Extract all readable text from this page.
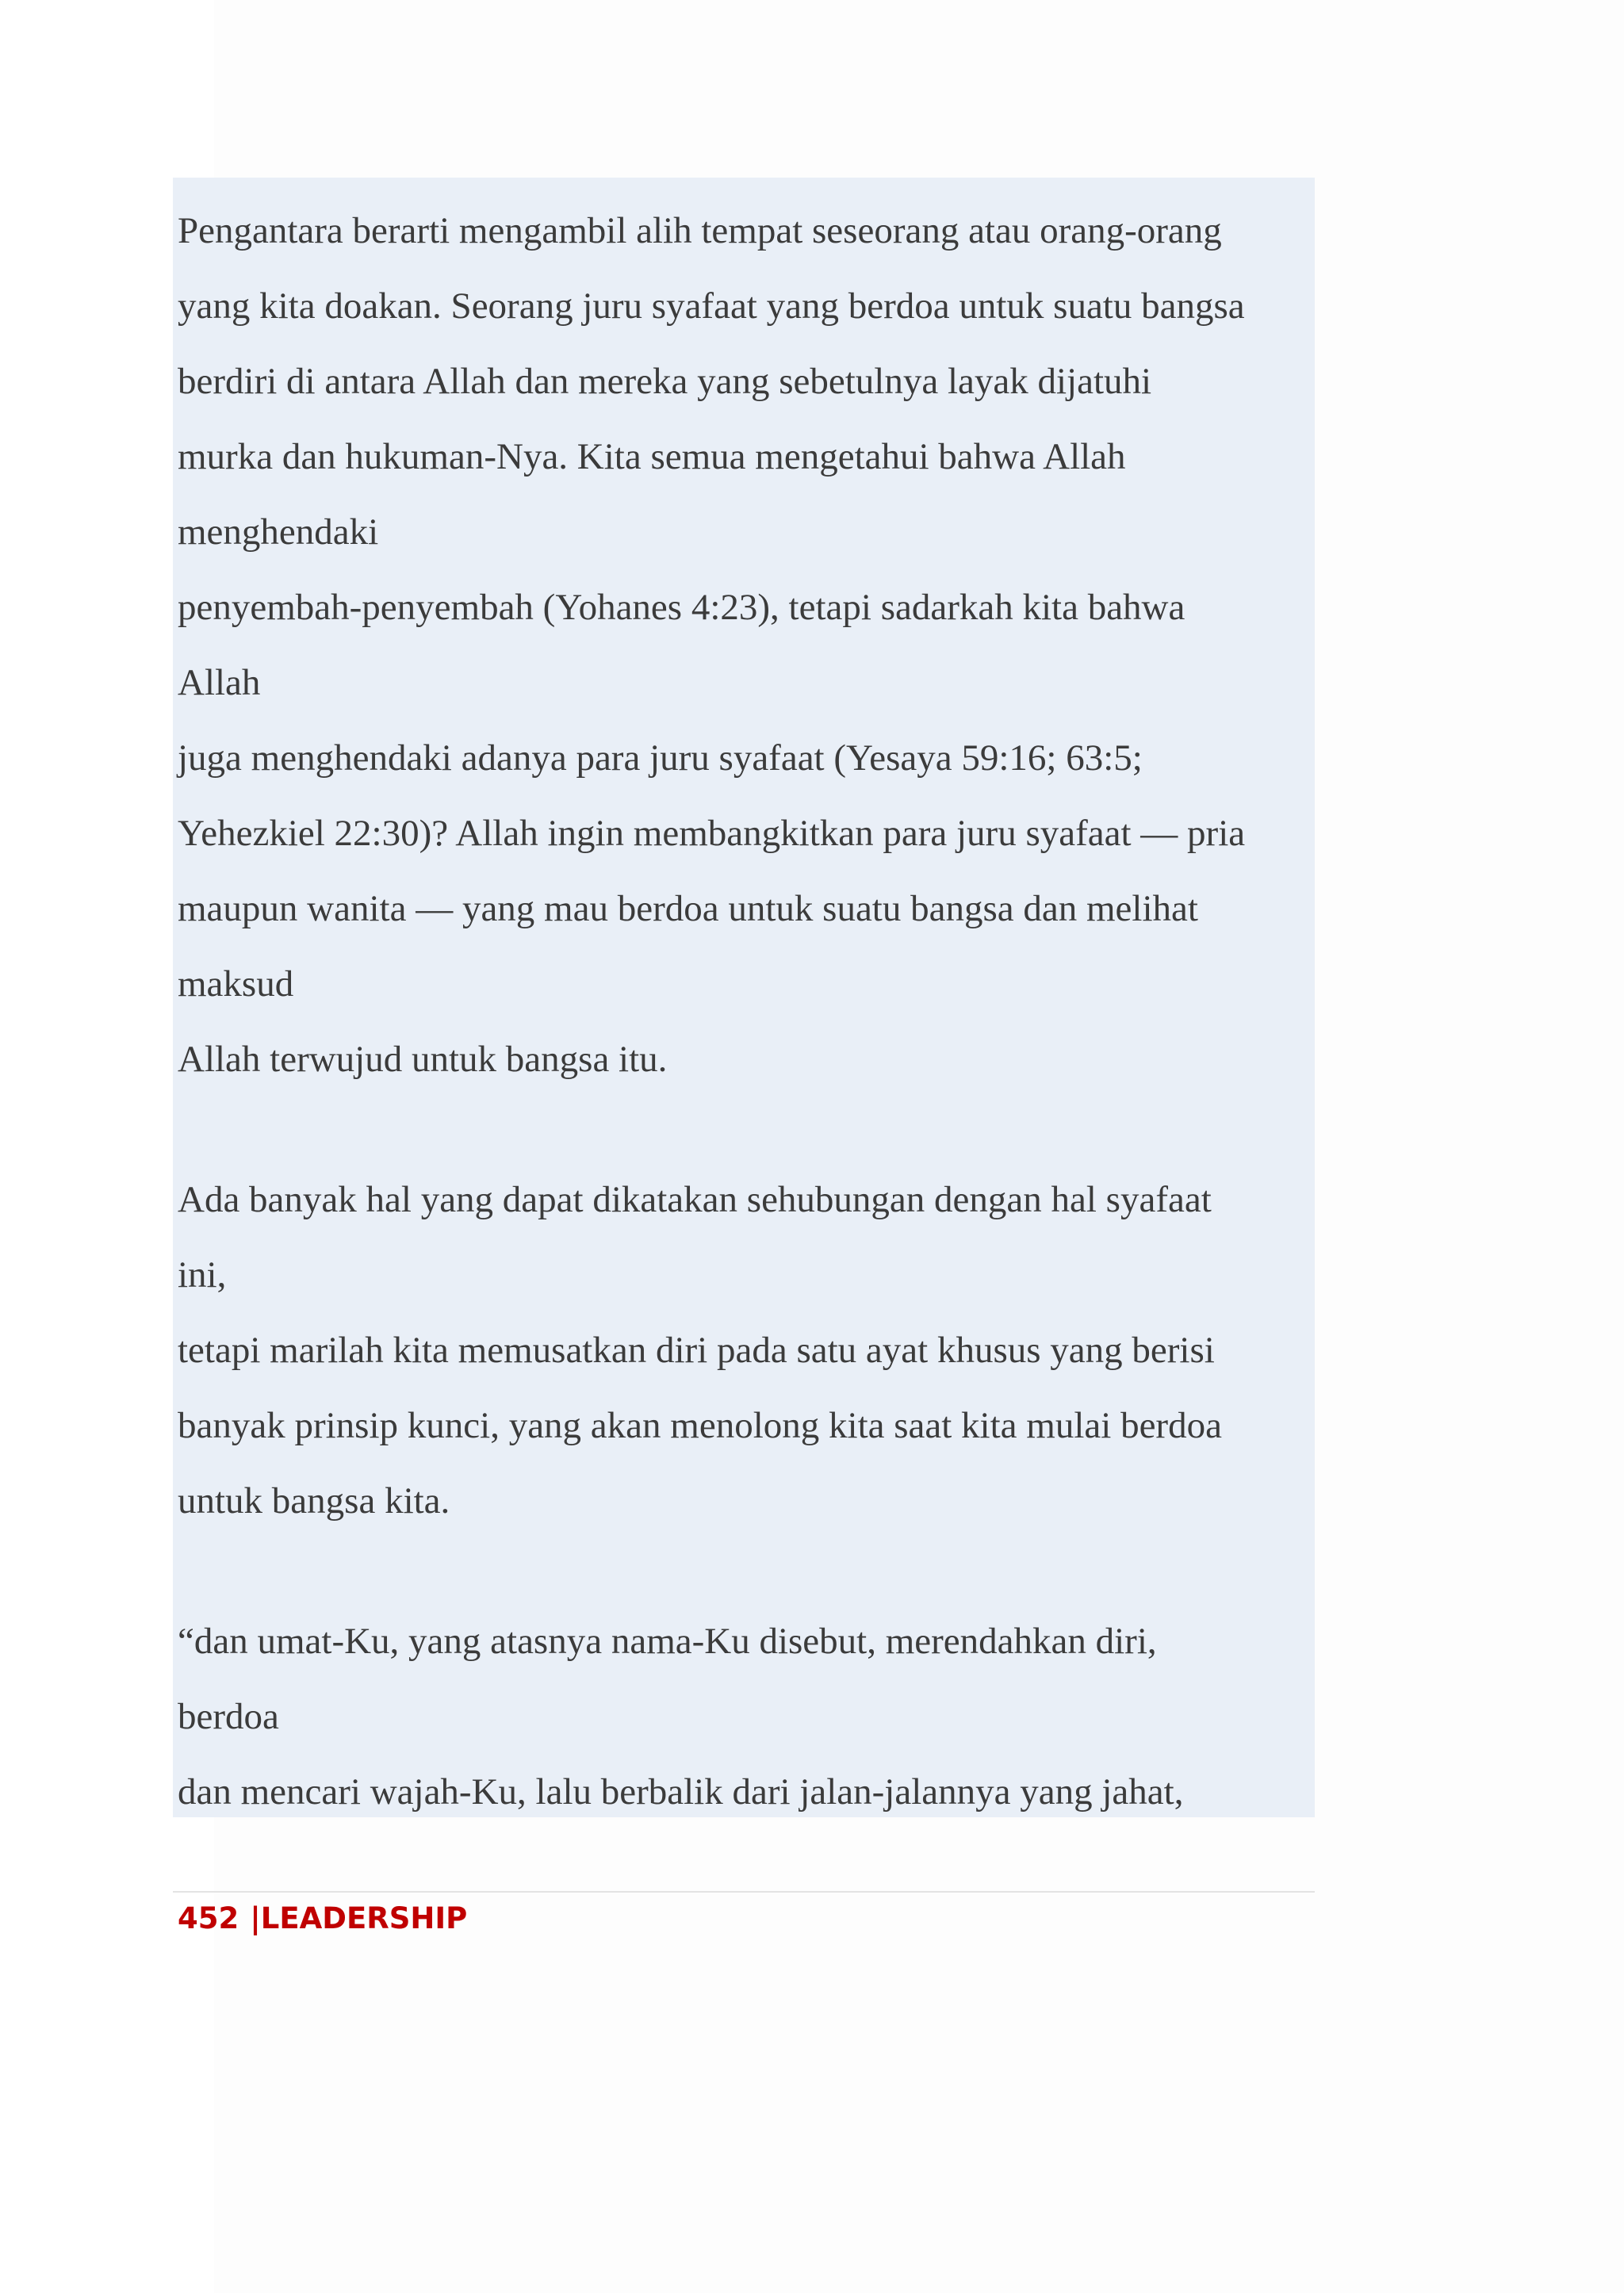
Pengantara berarti mengambil alih tempat seseorang atau orang-orang
yang kita doakan. Seorang juru syafaat yang berdoa untuk suatu bangsa
berdiri di antara Allah dan mereka yang sebetulnya layak dijatuhi
murka dan hukuman-Nya. Kita semua mengetahui bahwa Allah
menghendaki
penyembah-penyembah (Yohanes 4:23), tetapi sadarkah kita bahwa
Allah
juga menghendaki adanya para juru syafaat (Yesaya 59:16; 63:5;
Yehezkiel 22:30)? Allah ingin membangkitkan para juru syafaat — pria
maupun wanita — yang mau berdoa untuk suatu bangsa dan melihat
maksud
Allah terwujud untuk bangsa itu.
Ada banyak hal yang dapat dikatakan sehubungan dengan hal syafaat
ini,
tetapi marilah kita memusatkan diri pada satu ayat khusus yang berisi
banyak prinsip kunci, yang akan menolong kita saat kita mulai berdoa
untuk bangsa kita.
“dan umat-Ku, yang atasnya nama-Ku disebut, merendahkan diri,
berdoa
dan mencari wajah-Ku, lalu berbalik dari jalan-jalannya yang jahat,
452 |LEADERSHIP
